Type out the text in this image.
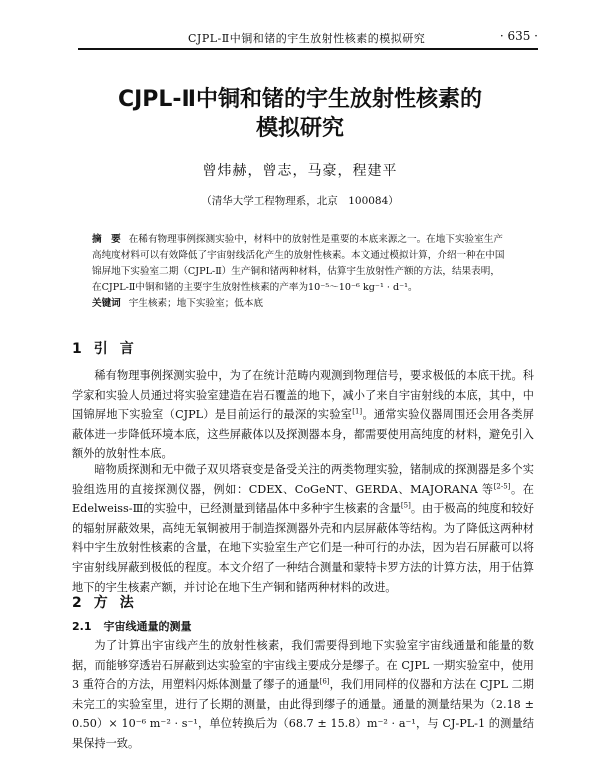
CJPL-Ⅱ中铜和锗的宇生放射性核素的模拟研究	· 635 ·
CJPL-Ⅱ中铜和锗的宇生放射性核素的
模拟研究
曾炜赫，曾志，马豪，程建平
（清华大学工程物理系，北京　100084）
摘　要 在稀有物理事例探测实验中，材料中的放射性是重要的本底来源之一。在地下实验室生产高纯度材料可以有效降低了宇宙射线活化产生的放射性核素。本文通过模拟计算，介绍一种在中国锦屏地下实验室二期（CJPL-Ⅱ）生产铜和锗两种材料，估算宇生放射性产额的方法，结果表明，在CJPL-Ⅱ中铜和锗的主要宇生放射性核素的产率为10⁻⁵～10⁻⁶ kg⁻¹ · d⁻¹。
关键词 宇生核素；地下实验室；低本底
1 引言
稀有物理事例探测实验中，为了在统计范畴内观测到物理信号，要求极低的本底干扰。科学家和实验人员通过将实验室建造在岩石覆盖的地下，减小了来自宇宙射线的本底，其中，中国锦屏地下实验室（CJPL）是目前运行的最深的实验室[1]。通常实验仪器周围还会用各类屏蔽体进一步降低环境本底，这些屏蔽体以及探测器本身，都需要使用高纯度的材料，避免引入额外的放射性本底。
暗物质探测和无中微子双贝塔衰变是备受关注的两类物理实验，锗制成的探测器是多个实验组选用的直接探测仪器，例如：CDEX、CoGeNT、GERDA、MAJORANA 等[2-5]。在Edelweiss-Ⅲ的实验中，已经测量到锗晶体中多种宇生核素的含量[5]。由于极高的纯度和较好的辐射屏蔽效果，高纯无氧铜被用于制造探测器外壳和内层屏蔽体等结构。为了降低这两种材料中宇生放射性核素的含量，在地下实验室生产它们是一种可行的办法，因为岩石屏蔽可以将宇宙射线屏蔽到极低的程度。本文介绍了一种结合测量和蒙特卡罗方法的计算方法，用于估算地下的宇生核素产额，并讨论在地下生产铜和锗两种材料的改进。
2 方法
2.1 宇宙线通量的测量
为了计算出宇宙线产生的放射性核素，我们需要得到地下实验室宇宙线通量和能量的数据，而能够穿透岩石屏蔽到达实验室的宇宙线主要成分是缪子。在 CJPL 一期实验室中，使用 3 重符合的方法，用塑料闪烁体测量了缪子的通量[6]，我们用同样的仪器和方法在 CJPL 二期未完工的实验室里，进行了长期的测量，由此得到缪子的通量。通量的测量结果为（2.18 ± 0.50）× 10⁻⁶ m⁻² · s⁻¹，单位转换后为（68.7 ± 15.8）m⁻² · a⁻¹，与 CJ-PL-1 的测量结果保持一致。
